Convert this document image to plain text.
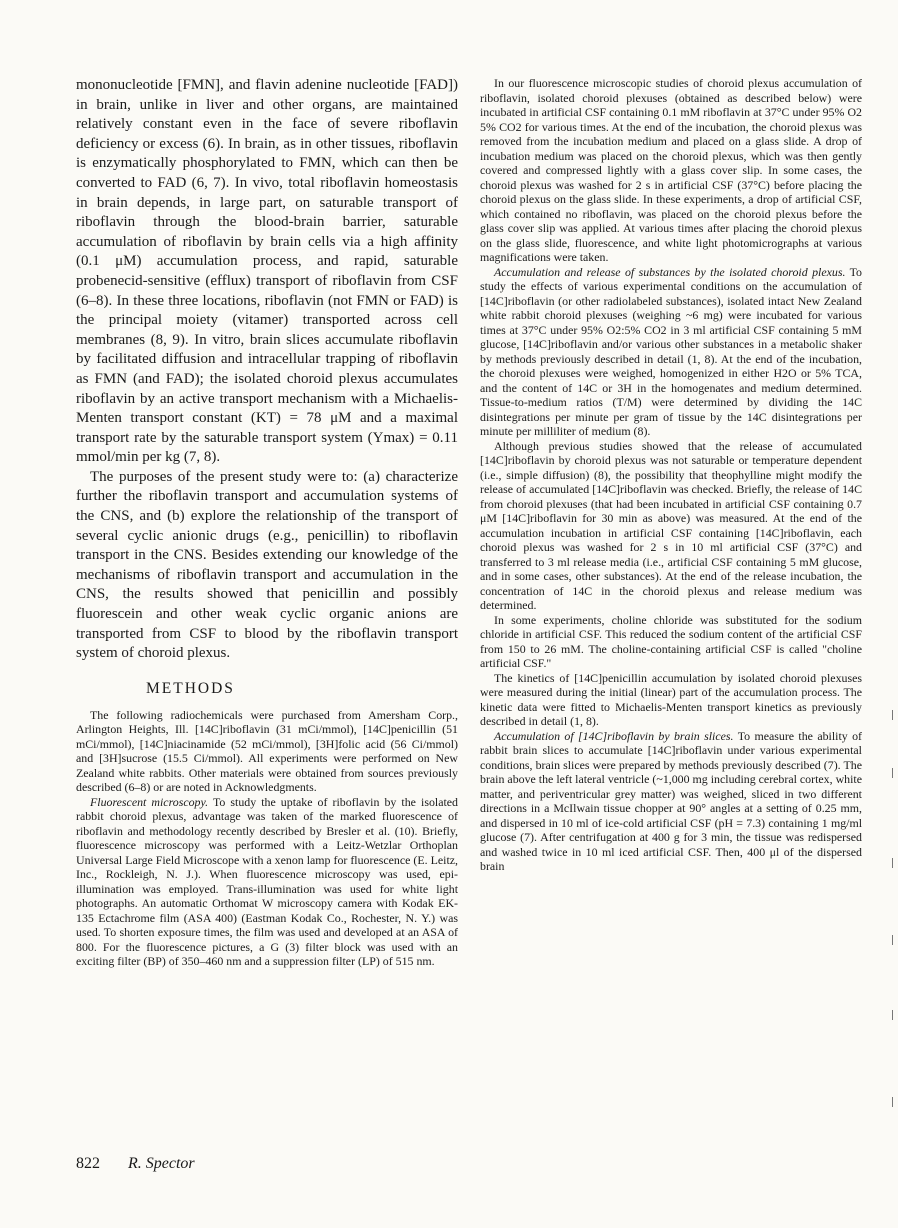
mononucleotide [FMN], and flavin adenine nucleotide [FAD]) in brain, unlike in liver and other organs, are maintained relatively constant even in the face of severe riboflavin deficiency or excess (6). In brain, as in other tissues, riboflavin is enzymatically phosphorylated to FMN, which can then be converted to FAD (6, 7). In vivo, total riboflavin homeostasis in brain depends, in large part, on saturable transport of riboflavin through the blood-brain barrier, saturable accumulation of riboflavin by brain cells via a high affinity (0.1 μM) accumulation process, and rapid, saturable probenecid-sensitive (efflux) transport of riboflavin from CSF (6–8). In these three locations, riboflavin (not FMN or FAD) is the principal moiety (vitamer) transported across cell membranes (8, 9). In vitro, brain slices accumulate riboflavin by facilitated diffusion and intracellular trapping of riboflavin as FMN (and FAD); the isolated choroid plexus accumulates riboflavin by an active transport mechanism with a Michaelis-Menten transport constant (KT) = 78 μM and a maximal transport rate by the saturable transport system (Ymax) = 0.11 mmol/min per kg (7, 8).

The purposes of the present study were to: (a) characterize further the riboflavin transport and accumulation systems of the CNS, and (b) explore the relationship of the transport of several cyclic anionic drugs (e.g., penicillin) to riboflavin transport in the CNS. Besides extending our knowledge of the mechanisms of riboflavin transport and accumulation in the CNS, the results showed that penicillin and possibly fluorescein and other weak cyclic organic anions are transported from CSF to blood by the riboflavin transport system of choroid plexus.

METHODS

The following radiochemicals were purchased from Amersham Corp., Arlington Heights, Ill. [14C]riboflavin (31 mCi/mmol), [14C]penicillin (51 mCi/mmol), [14C]niacinamide (52 mCi/mmol), [3H]folic acid (56 Ci/mmol) and [3H]sucrose (15.5 Ci/mmol). All experiments were performed on New Zealand white rabbits. Other materials were obtained from sources previously described (6–8) or are noted in Acknowledgments.

Fluorescent microscopy. To study the uptake of riboflavin by the isolated rabbit choroid plexus, advantage was taken of the marked fluorescence of riboflavin and methodology recently described by Bresler et al. (10). Briefly, fluorescence microscopy was performed with a Leitz-Wetzlar Orthoplan Universal Large Field Microscope with a xenon lamp for fluorescence (E. Leitz, Inc., Rockleigh, N. J.). When fluorescence microscopy was used, epi-illumination was employed. Trans-illumination was used for white light photographs. An automatic Orthomat W microscopy camera with Kodak EK-135 Ectachrome film (ASA 400) (Eastman Kodak Co., Rochester, N. Y.) was used. To shorten exposure times, the film was used and developed at an ASA of 800. For the fluorescence pictures, a G (3) filter block was used with an exciting filter (BP) of 350–460 nm and a suppression filter (LP) of 515 nm.

In our fluorescence microscopic studies of choroid plexus accumulation of riboflavin, isolated choroid plexuses (obtained as described below) were incubated in artificial CSF containing 0.1 mM riboflavin at 37°C under 95% O2 5% CO2 for various times. At the end of the incubation, the choroid plexus was removed from the incubation medium and placed on a glass slide. A drop of incubation medium was placed on the choroid plexus, which was then gently covered and compressed lightly with a glass cover slip. In some cases, the choroid plexus was washed for 2 s in artificial CSF (37°C) before placing the choroid plexus on the glass slide. In these experiments, a drop of artificial CSF, which contained no riboflavin, was placed on the choroid plexus before the glass cover slip was applied. At various times after placing the choroid plexus on the glass slide, fluorescence, and white light photomicrographs at various magnifications were taken.

Accumulation and release of substances by the isolated choroid plexus. To study the effects of various experimental conditions on the accumulation of [14C]riboflavin (or other radiolabeled substances), isolated intact New Zealand white rabbit choroid plexuses (weighing ~6 mg) were incubated for various times at 37°C under 95% O2:5% CO2 in 3 ml artificial CSF containing 5 mM glucose, [14C]riboflavin and/or various other substances in a metabolic shaker by methods previously described in detail (1, 8). At the end of the incubation, the choroid plexuses were weighed, homogenized in either H2O or 5% TCA, and the content of 14C or 3H in the homogenates and medium determined. Tissue-to-medium ratios (T/M) were determined by dividing the 14C disintegrations per minute per gram of tissue by the 14C disintegrations per minute per milliliter of medium (8).

Although previous studies showed that the release of accumulated [14C]riboflavin by choroid plexus was not saturable or temperature dependent (i.e., simple diffusion) (8), the possibility that theophylline might modify the release of accumulated [14C]riboflavin was checked. Briefly, the release of 14C from choroid plexuses (that had been incubated in artificial CSF containing 0.7 μM [14C]riboflavin for 30 min as above) was measured. At the end of the accumulation incubation in artificial CSF containing [14C]riboflavin, each choroid plexus was washed for 2 s in 10 ml artificial CSF (37°C) and transferred to 3 ml release media (i.e., artificial CSF containing 5 mM glucose, and in some cases, other substances). At the end of the release incubation, the concentration of 14C in the choroid plexus and release medium was determined.

In some experiments, choline chloride was substituted for the sodium chloride in artificial CSF. This reduced the sodium content of the artificial CSF from 150 to 26 mM. The choline-containing artificial CSF is called "choline artificial CSF."

The kinetics of [14C]penicillin accumulation by isolated choroid plexuses were measured during the initial (linear) part of the accumulation process. The kinetic data were fitted to Michaelis-Menten transport kinetics as previously described in detail (1, 8).

Accumulation of [14C]riboflavin by brain slices. To measure the ability of rabbit brain slices to accumulate [14C]riboflavin under various experimental conditions, brain slices were prepared by methods previously described (7). The brain above the left lateral ventricle (~1,000 mg including cerebral cortex, white matter, and periventricular grey matter) was weighed, sliced in two different directions in a McIlwain tissue chopper at 90° angles at a setting of 0.25 mm, and dispersed in 10 ml of ice-cold artificial CSF (pH = 7.3) containing 1 mg/ml glucose (7). After centrifugation at 400 g for 3 min, the tissue was redispersed and washed twice in 10 ml iced artificial CSF. Then, 400 μl of the dispersed brain

822 R. Spector
